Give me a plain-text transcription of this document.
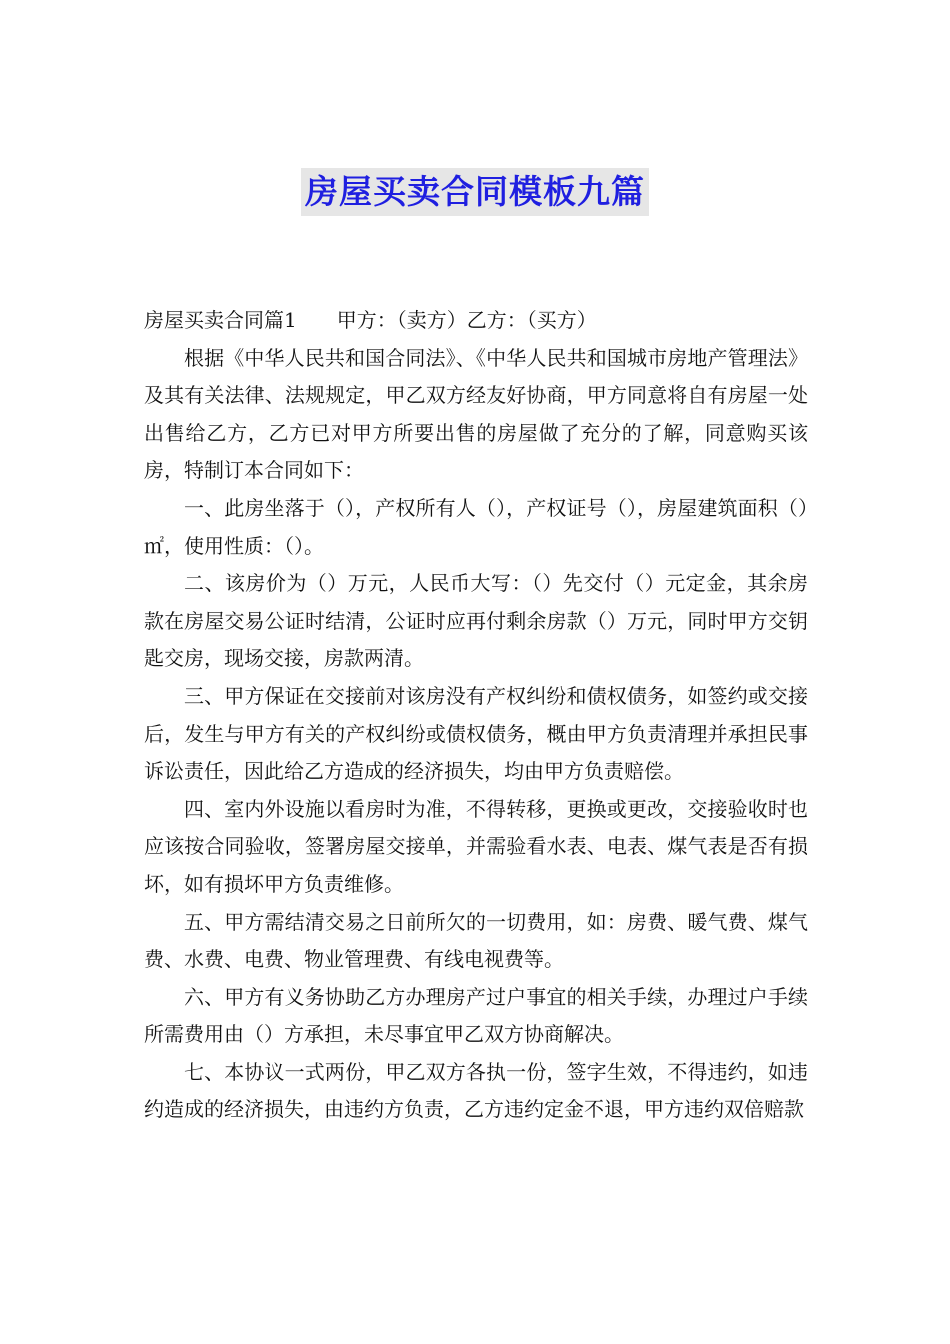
房屋买卖合同模板九篇

房屋买卖合同篇1　　甲方：（卖方）乙方：（买方）

根据《中华人民共和国合同法》、《中华人民共和国城市房地产管理法》及其有关法律、法规规定，甲乙双方经友好协商，甲方同意将自有房屋一处出售给乙方，乙方已对甲方所要出售的房屋做了充分的了解，同意购买该房，特制订本合同如下：

一、此房坐落于（），产权所有人（），产权证号（），房屋建筑面积（）㎡，使用性质：（）。

二、该房价为（）万元，人民币大写：（）先交付（）元定金，其余房款在房屋交易公证时结清，公证时应再付剩余房款（）万元，同时甲方交钥匙交房，现场交接，房款两清。

三、甲方保证在交接前对该房没有产权纠纷和债权债务，如签约或交接后，发生与甲方有关的产权纠纷或债权债务，概由甲方负责清理并承担民事诉讼责任，因此给乙方造成的经济损失，均由甲方负责赔偿。

四、室内外设施以看房时为准，不得转移，更换或更改，交接验收时也应该按合同验收，签署房屋交接单，并需验看水表、电表、煤气表是否有损坏，如有损坏甲方负责维修。

五、甲方需结清交易之日前所欠的一切费用，如：房费、暖气费、煤气费、水费、电费、物业管理费、有线电视费等。

六、甲方有义务协助乙方办理房产过户事宜的相关手续，办理过户手续所需费用由（）方承担，未尽事宜甲乙双方协商解决。

七、本协议一式两份，甲乙双方各执一份，签字生效，不得违约，如违约造成的经济损失，由违约方负责，乙方违约定金不退，甲方违约双倍赔款
